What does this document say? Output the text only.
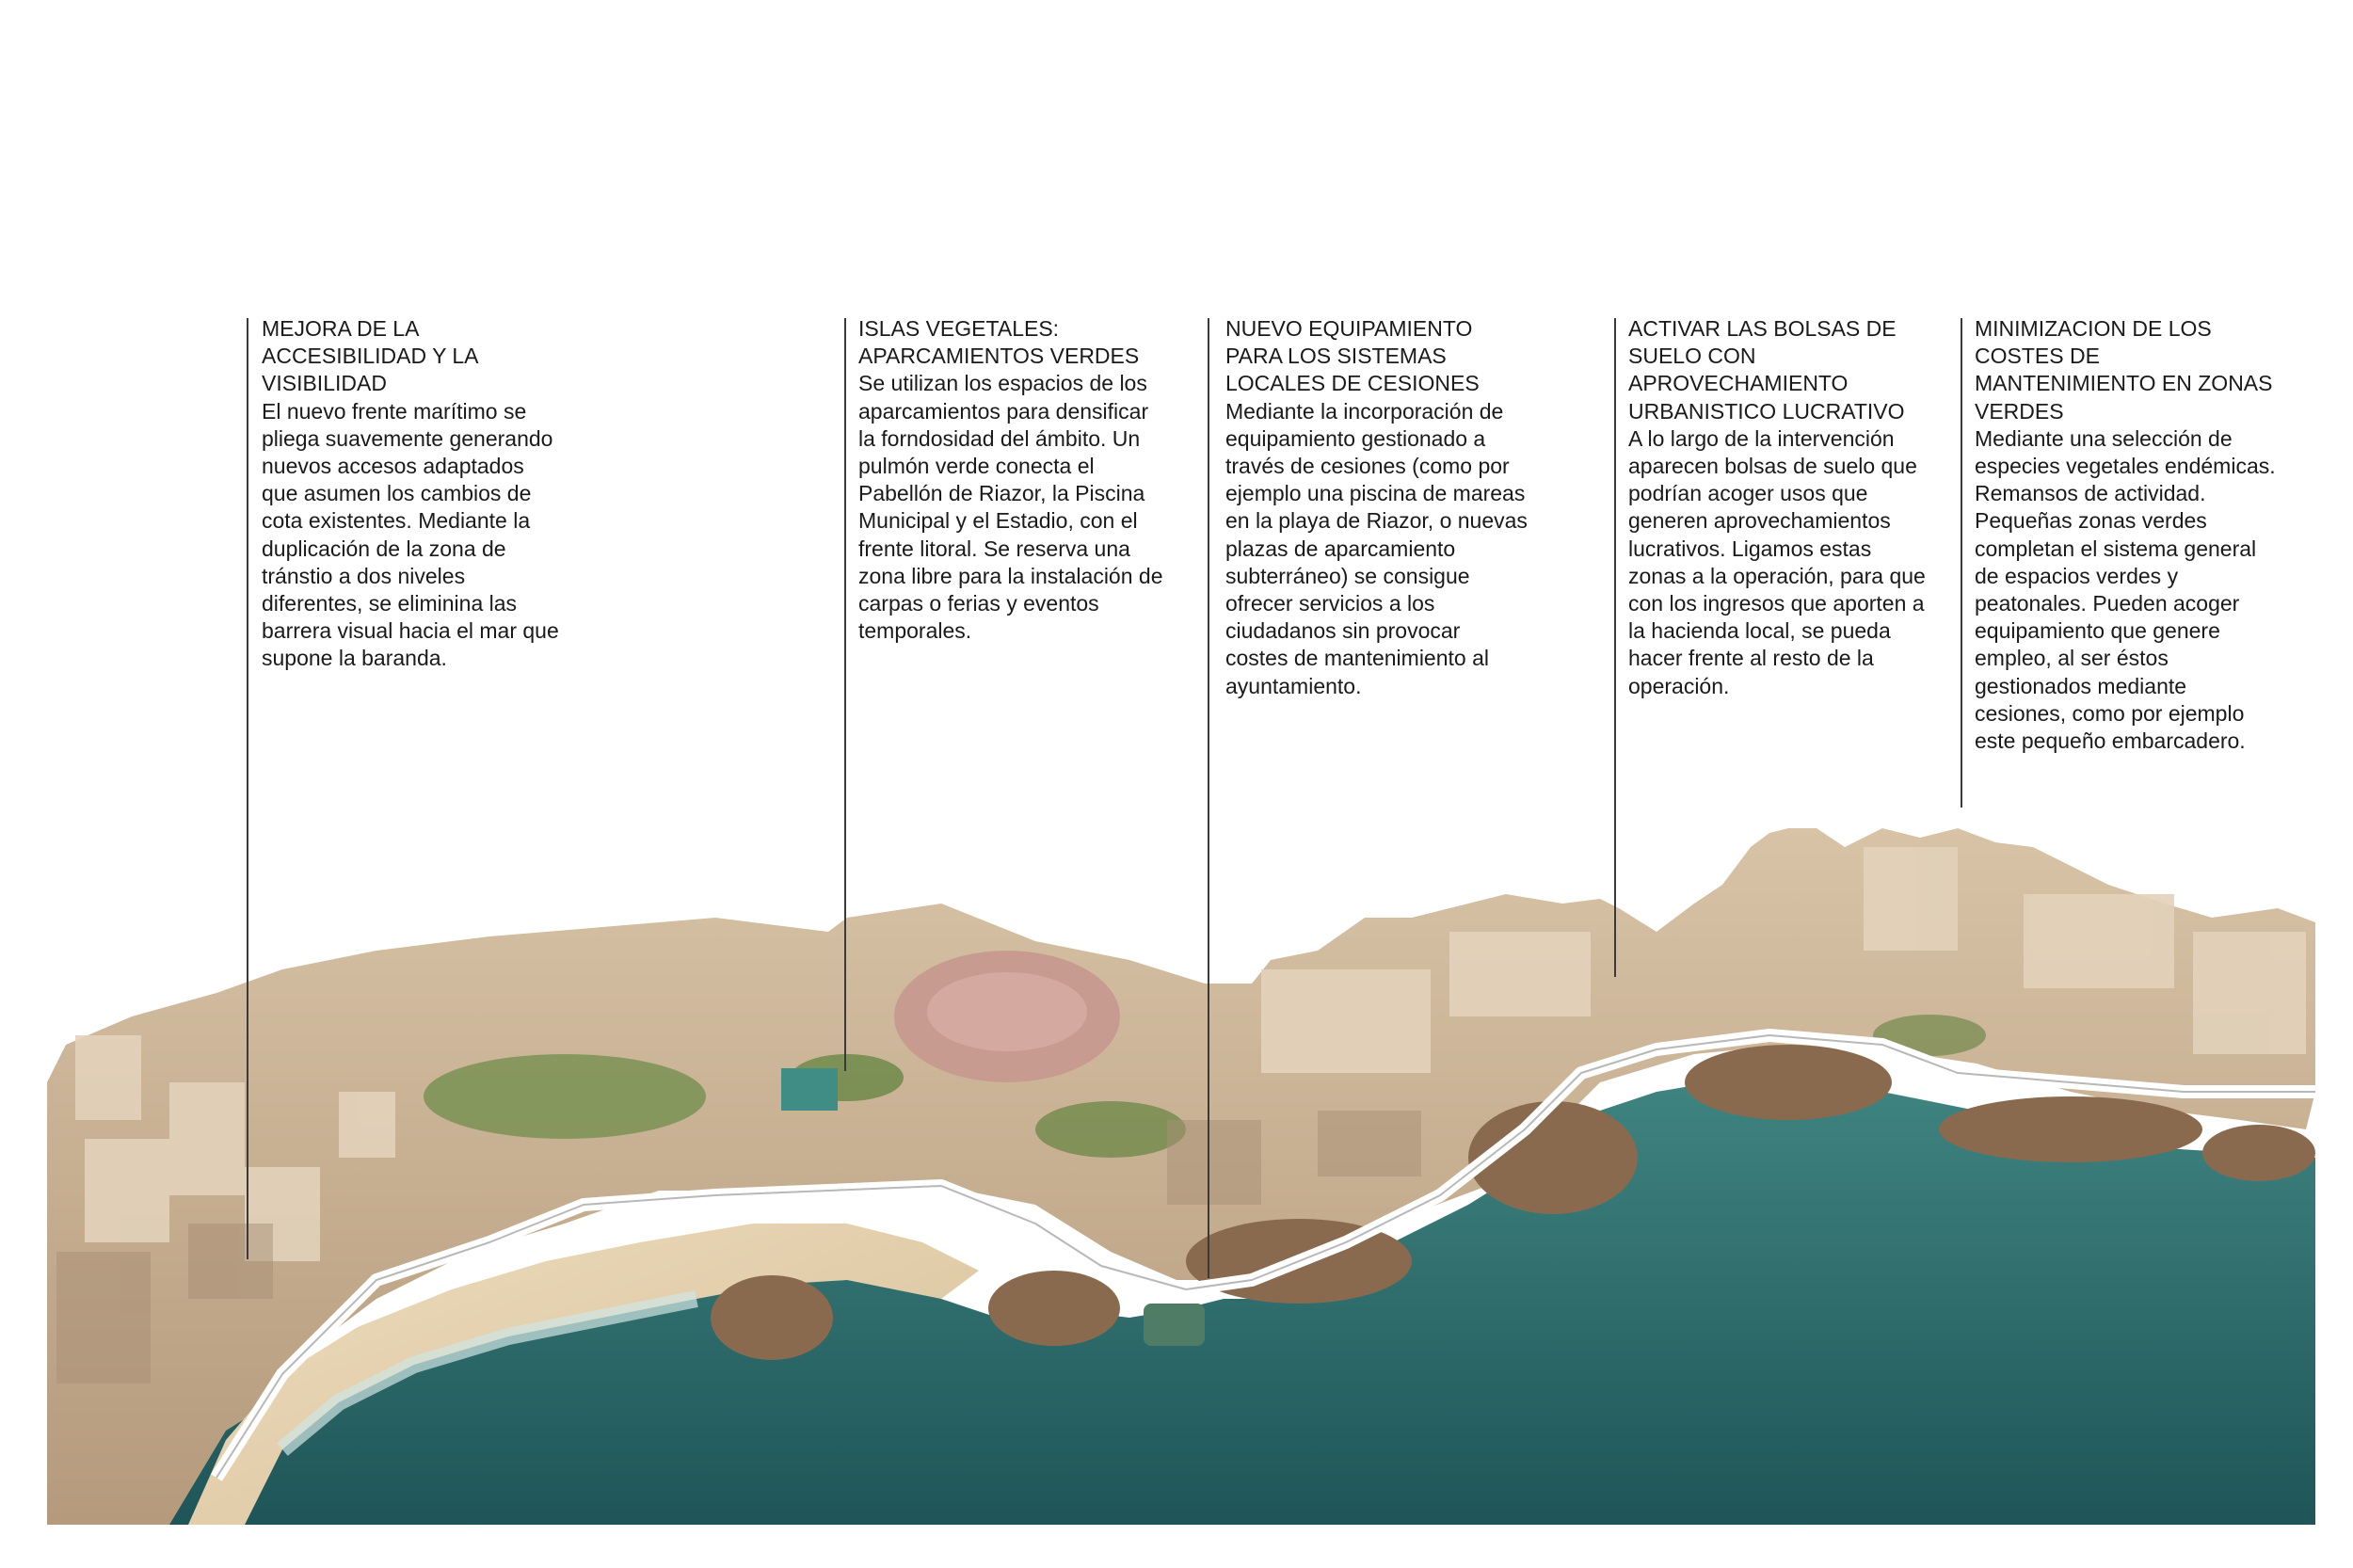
MEJORA DE LA
ACCESIBILIDAD Y LA
VISIBILIDAD
El nuevo frente marítimo se
pliega suavemente generando
nuevos accesos adaptados
que asumen los cambios de
cota existentes. Mediante la
duplicación de la zona de
tránstio a dos niveles
diferentes, se eliminina las
barrera visual hacia el mar que
supone la baranda.
ISLAS VEGETALES:
APARCAMIENTOS VERDES
Se utilizan los espacios de los
aparcamientos para densificar
la forndosidad del ámbito. Un
pulmón verde conecta el
Pabellón de Riazor, la Piscina
Municipal y el Estadio, con el
frente litoral. Se reserva una
zona libre para la instalación de
carpas o ferias y eventos
temporales.
NUEVO EQUIPAMIENTO
PARA LOS SISTEMAS
LOCALES DE CESIONES
Mediante la incorporación de
equipamiento gestionado a
través de cesiones (como por
ejemplo una piscina de mareas
en la playa de Riazor, o nuevas
plazas de aparcamiento
subterráneo) se consigue
ofrecer servicios a los
ciudadanos sin provocar
costes de mantenimiento al
ayuntamiento.
ACTIVAR LAS BOLSAS DE
SUELO CON
APROVECHAMIENTO
URBANISTICO LUCRATIVO
A lo largo de la intervención
aparecen bolsas de suelo que
podrían acoger usos que
generen aprovechamientos
lucrativos. Ligamos estas
zonas a la operación, para que
con los ingresos que aporten a
la hacienda local, se pueda
hacer frente al resto de la
operación.
MINIMIZACION DE LOS
COSTES DE
MANTENIMIENTO EN ZONAS
VERDES
Mediante una selección de
especies vegetales endémicas.
Remansos de actividad.
Pequeñas zonas verdes
completan el sistema general
de espacios verdes y
peatonales. Pueden acoger
equipamiento que genere
empleo, al ser éstos
gestionados mediante
cesiones, como por ejemplo
este pequeño embarcadero.
